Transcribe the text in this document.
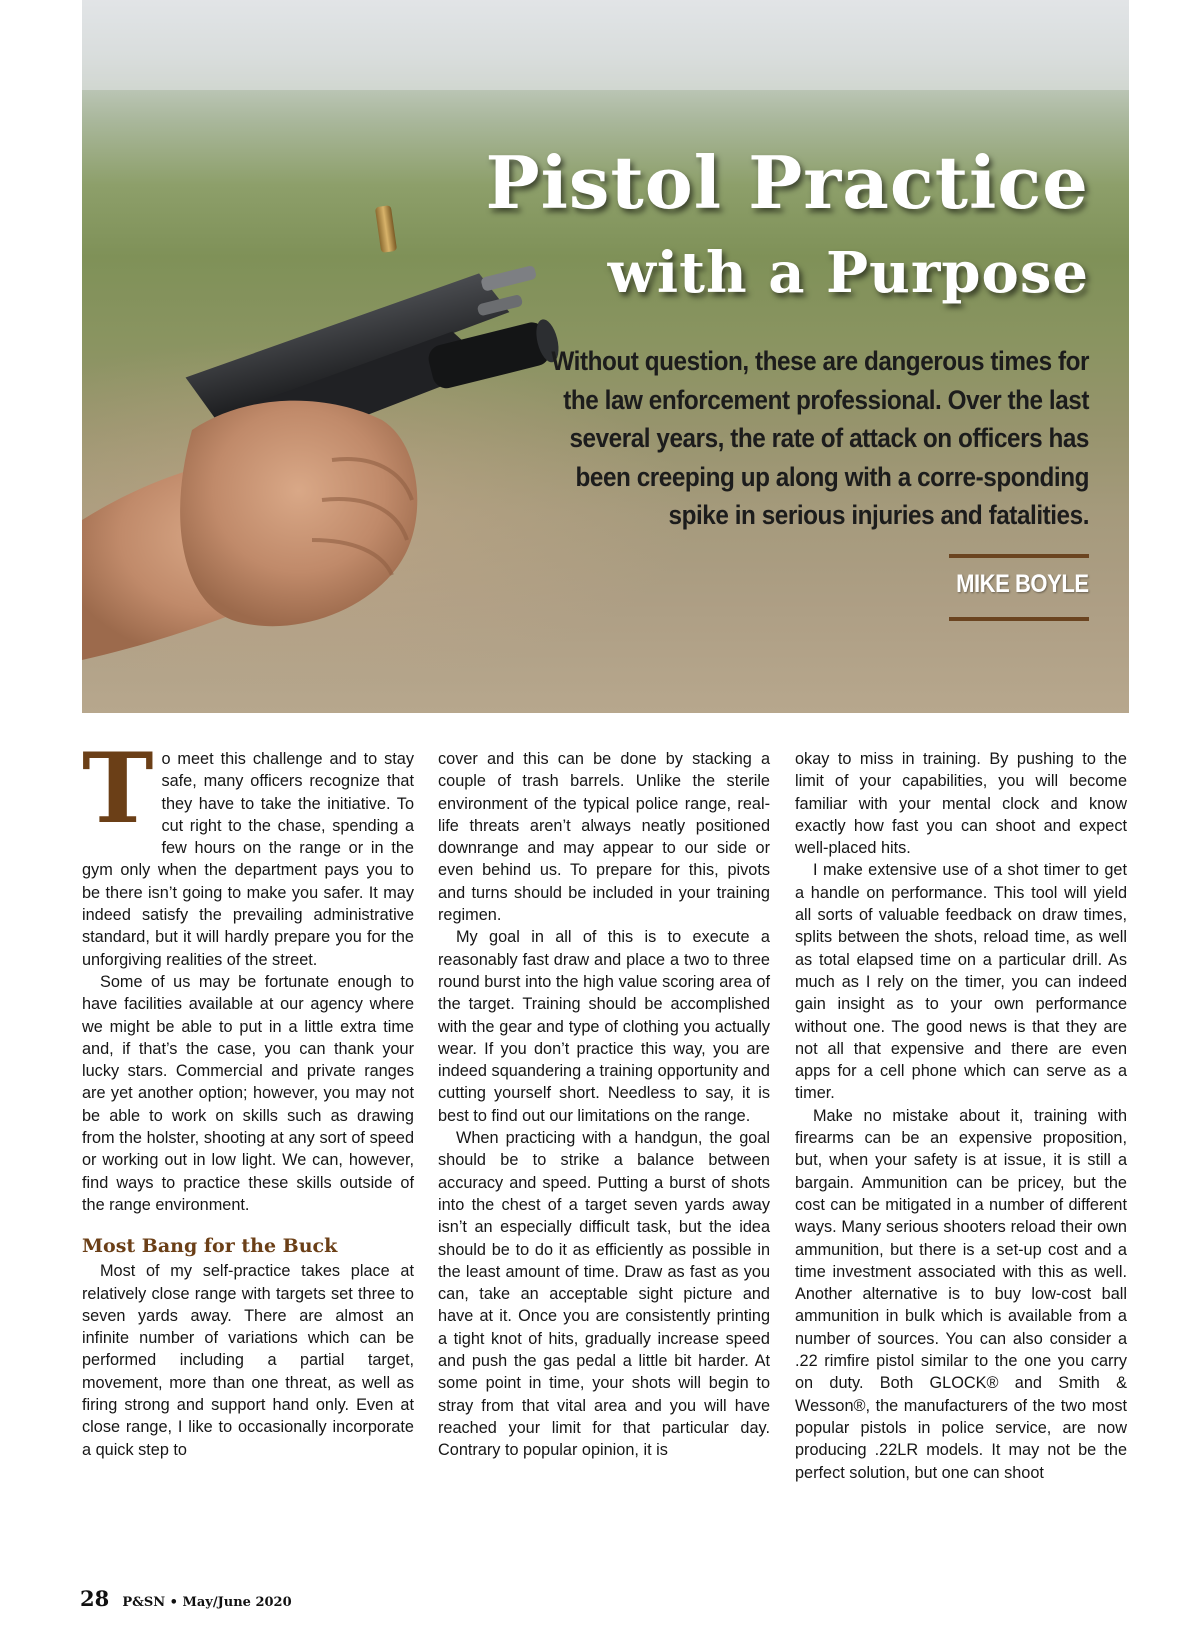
Pistol Practice
with a Purpose

Without question, these are dangerous times for the law enforcement professional. Over the last several years, the rate of attack on officers has been creeping up along with a corre-sponding spike in serious injuries and fatalities.

MIKE BOYLE

T o meet this challenge and to stay safe, many officers recognize that they have to take the initiative. To cut right to the chase, spending a few hours on the range or in the gym only when the department pays you to be there isn’t going to make you safer. It may indeed satisfy the prevailing administrative standard, but it will hardly prepare you for the unforgiving realities of the street.

Some of us may be fortunate enough to have facilities available at our agency where we might be able to put in a little extra time and, if that’s the case, you can thank your lucky stars. Commercial and private ranges are yet another option; however, you may not be able to work on skills such as drawing from the holster, shooting at any sort of speed or working out in low light. We can, however, find ways to practice these skills outside of the range environment.

Most Bang for the Buck

Most of my self-practice takes place at relatively close range with targets set three to seven yards away. There are almost an infinite number of variations which can be performed including a partial target, movement, more than one threat, as well as firing strong and support hand only. Even at close range, I like to occasionally incorporate a quick step to

cover and this can be done by stacking a couple of trash barrels. Unlike the sterile environment of the typical police range, real-life threats aren’t always neatly positioned downrange and may appear to our side or even behind us. To prepare for this, pivots and turns should be included in your training regimen.

My goal in all of this is to execute a reasonably fast draw and place a two to three round burst into the high value scoring area of the target. Training should be accomplished with the gear and type of clothing you actually wear. If you don’t practice this way, you are indeed squandering a training opportunity and cutting yourself short. Needless to say, it is best to find out our limitations on the range.

When practicing with a handgun, the goal should be to strike a balance between accuracy and speed. Putting a burst of shots into the chest of a target seven yards away isn’t an especially difficult task, but the idea should be to do it as efficiently as possible in the least amount of time. Draw as fast as you can, take an acceptable sight picture and have at it. Once you are consistently printing a tight knot of hits, gradually increase speed and push the gas pedal a little bit harder. At some point in time, your shots will begin to stray from that vital area and you will have reached your limit for that particular day. Contrary to popular opinion, it is

okay to miss in training. By pushing to the limit of your capabilities, you will become familiar with your mental clock and know exactly how fast you can shoot and expect well-placed hits.

I make extensive use of a shot timer to get a handle on performance. This tool will yield all sorts of valuable feedback on draw times, splits between the shots, reload time, as well as total elapsed time on a particular drill. As much as I rely on the timer, you can indeed gain insight as to your own performance without one. The good news is that they are not all that expensive and there are even apps for a cell phone which can serve as a timer.

Make no mistake about it, training with firearms can be an expensive proposition, but, when your safety is at issue, it is still a bargain. Ammunition can be pricey, but the cost can be mitigated in a number of different ways. Many serious shooters reload their own ammunition, but there is a set-up cost and a time investment associated with this as well. Another alternative is to buy low-cost ball ammunition in bulk which is available from a number of sources. You can also consider a .22 rimfire pistol similar to the one you carry on duty. Both GLOCK® and Smith & Wesson®, the manufacturers of the two most popular pistols in police service, are now producing .22LR models. It may not be the perfect solution, but one can shoot

28 P&SN • May/June 2020
